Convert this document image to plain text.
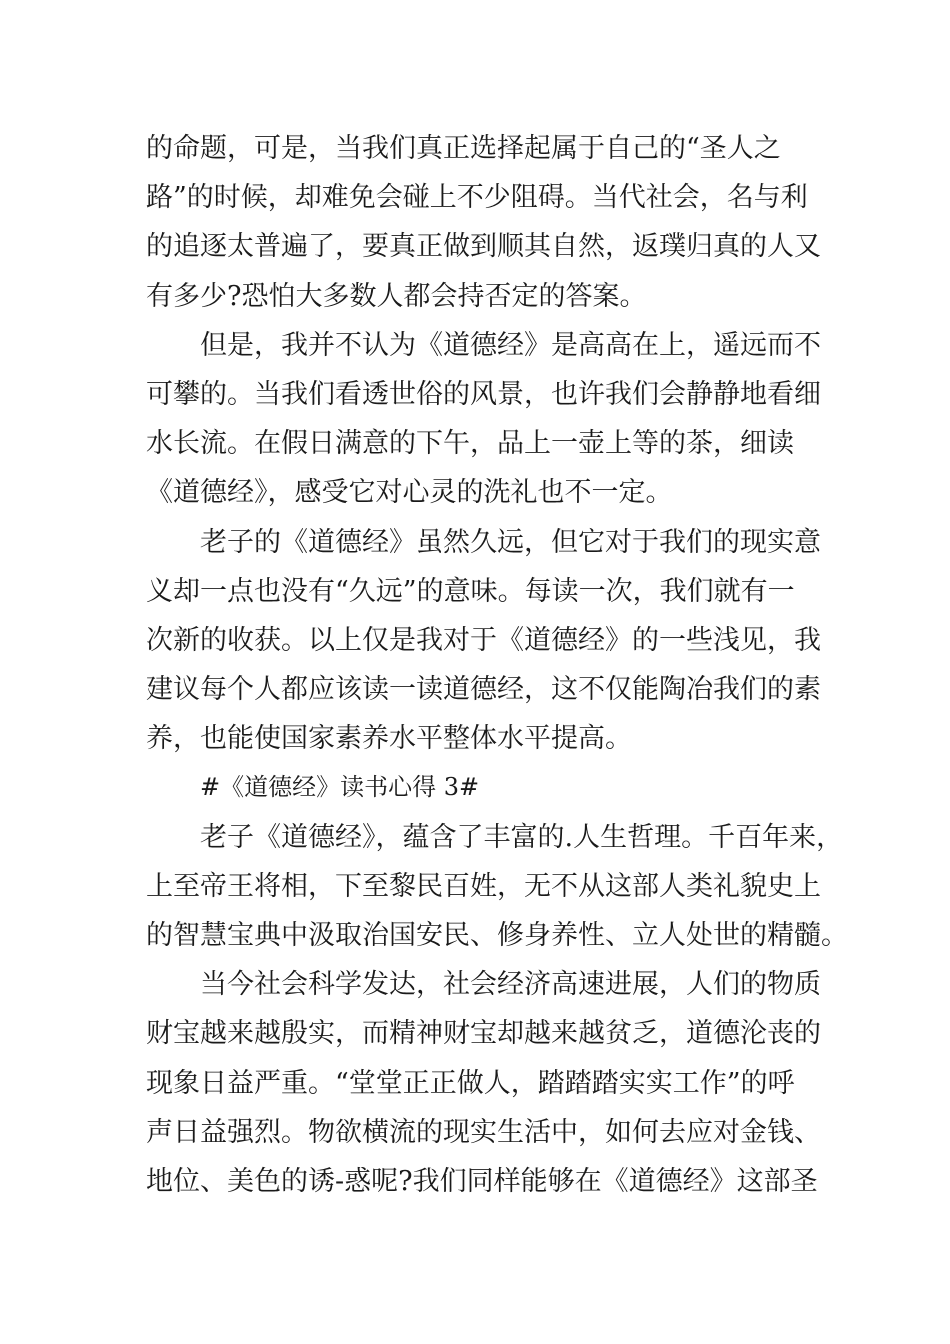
的命题，可是，当我们真正选择起属于自己的“圣人之
路”的时候，却难免会碰上不少阻碍。当代社会，名与利
的追逐太普遍了，要真正做到顺其自然，返璞归真的人又
有多少?恐怕大多数人都会持否定的答案。
但是，我并不认为《道德经》是高高在上，遥远而不
可攀的。当我们看透世俗的风景，也许我们会静静地看细
水长流。在假日满意的下午，品上一壶上等的茶，细读
《道德经》，感受它对心灵的洗礼也不一定。
老子的《道德经》虽然久远，但它对于我们的现实意
义却一点也没有“久远”的意味。每读一次，我们就有一
次新的收获。以上仅是我对于《道德经》的一些浅见，我
建议每个人都应该读一读道德经，这不仅能陶冶我们的素
养，也能使国家素养水平整体水平提高。
#《道德经》读书心得 3#
老子《道德经》，蕴含了丰富的.人生哲理。千百年来，
上至帝王将相，下至黎民百姓，无不从这部人类礼貌史上
的智慧宝典中汲取治国安民、修身养性、立人处世的精髓。
当今社会科学发达，社会经济高速进展，人们的物质
财宝越来越殷实，而精神财宝却越来越贫乏，道德沦丧的
现象日益严重。“堂堂正正做人，踏踏踏实实工作”的呼
声日益强烈。物欲横流的现实生活中，如何去应对金钱、
地位、美色的诱-惑呢?我们同样能够在《道德经》这部圣
